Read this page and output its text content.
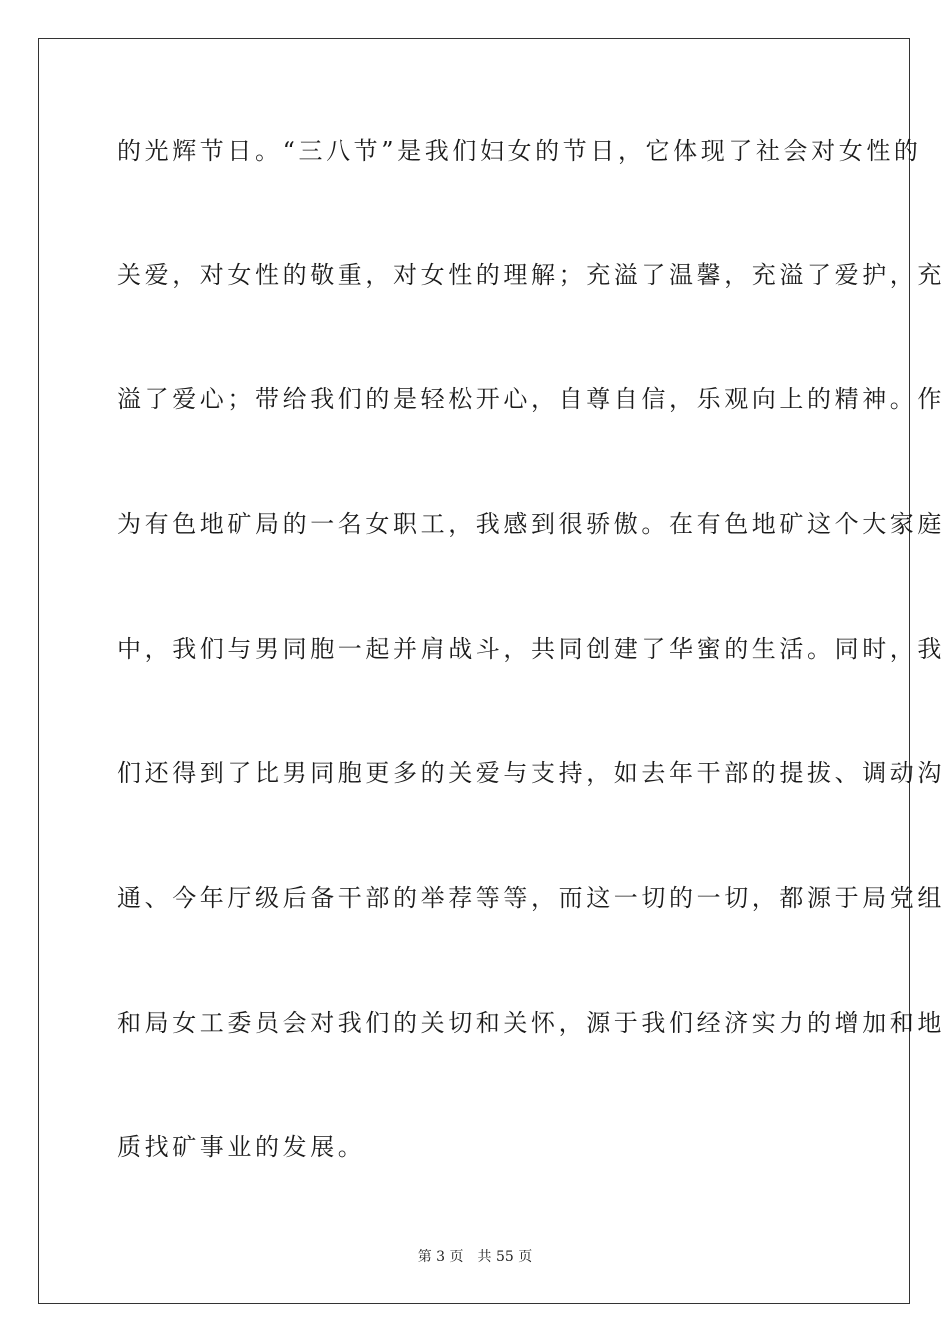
的光辉节日。“三八节”是我们妇女的节日，它体现了社会对女性的
关爱，对女性的敬重，对女性的理解；充溢了温馨，充溢了爱护，充
溢了爱心；带给我们的是轻松开心，自尊自信，乐观向上的精神。作
为有色地矿局的一名女职工，我感到很骄傲。在有色地矿这个大家庭
中，我们与男同胞一起并肩战斗，共同创建了华蜜的生活。同时，我
们还得到了比男同胞更多的关爱与支持，如去年干部的提拔、调动沟
通、今年厅级后备干部的举荐等等，而这一切的一切，都源于局党组
和局女工委员会对我们的关切和关怀，源于我们经济实力的增加和地
质找矿事业的发展。
第 3 页　共 55 页
